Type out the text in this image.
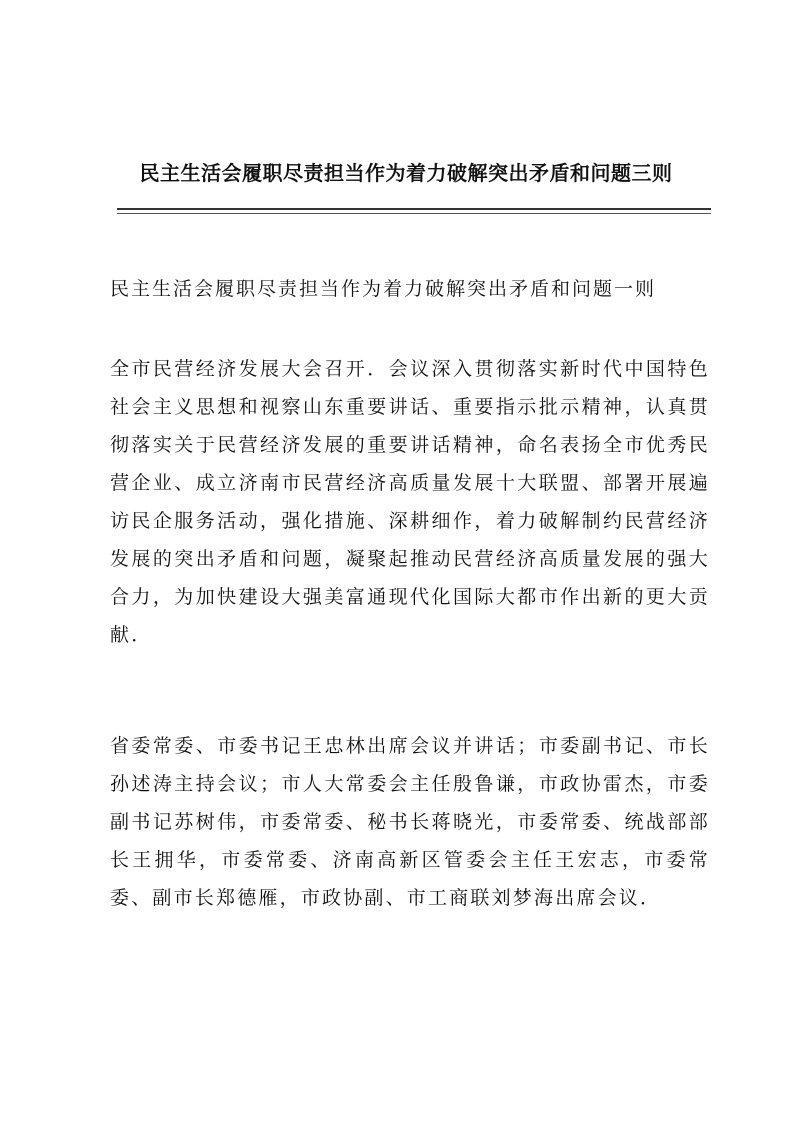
民主生活会履职尽责担当作为着力破解突出矛盾和问题三则
民主生活会履职尽责担当作为着力破解突出矛盾和问题一则
全市民营经济发展大会召开．会议深入贯彻落实新时代中国特色社会主义思想和视察山东重要讲话、重要指示批示精神，认真贯彻落实关于民营经济发展的重要讲话精神，命名表扬全市优秀民营企业、成立济南市民营经济高质量发展十大联盟、部署开展遍访民企服务活动，强化措施、深耕细作，着力破解制约民营经济发展的突出矛盾和问题，凝聚起推动民营经济高质量发展的强大合力，为加快建设大强美富通现代化国际大都市作出新的更大贡献．
省委常委、市委书记王忠林出席会议并讲话；市委副书记、市长孙述涛主持会议；市人大常委会主任殷鲁谦，市政协雷杰，市委副书记苏树伟，市委常委、秘书长蒋晓光，市委常委、统战部部长王拥华，市委常委、济南高新区管委会主任王宏志，市委常委、副市长郑德雁，市政协副、市工商联刘梦海出席会议．
